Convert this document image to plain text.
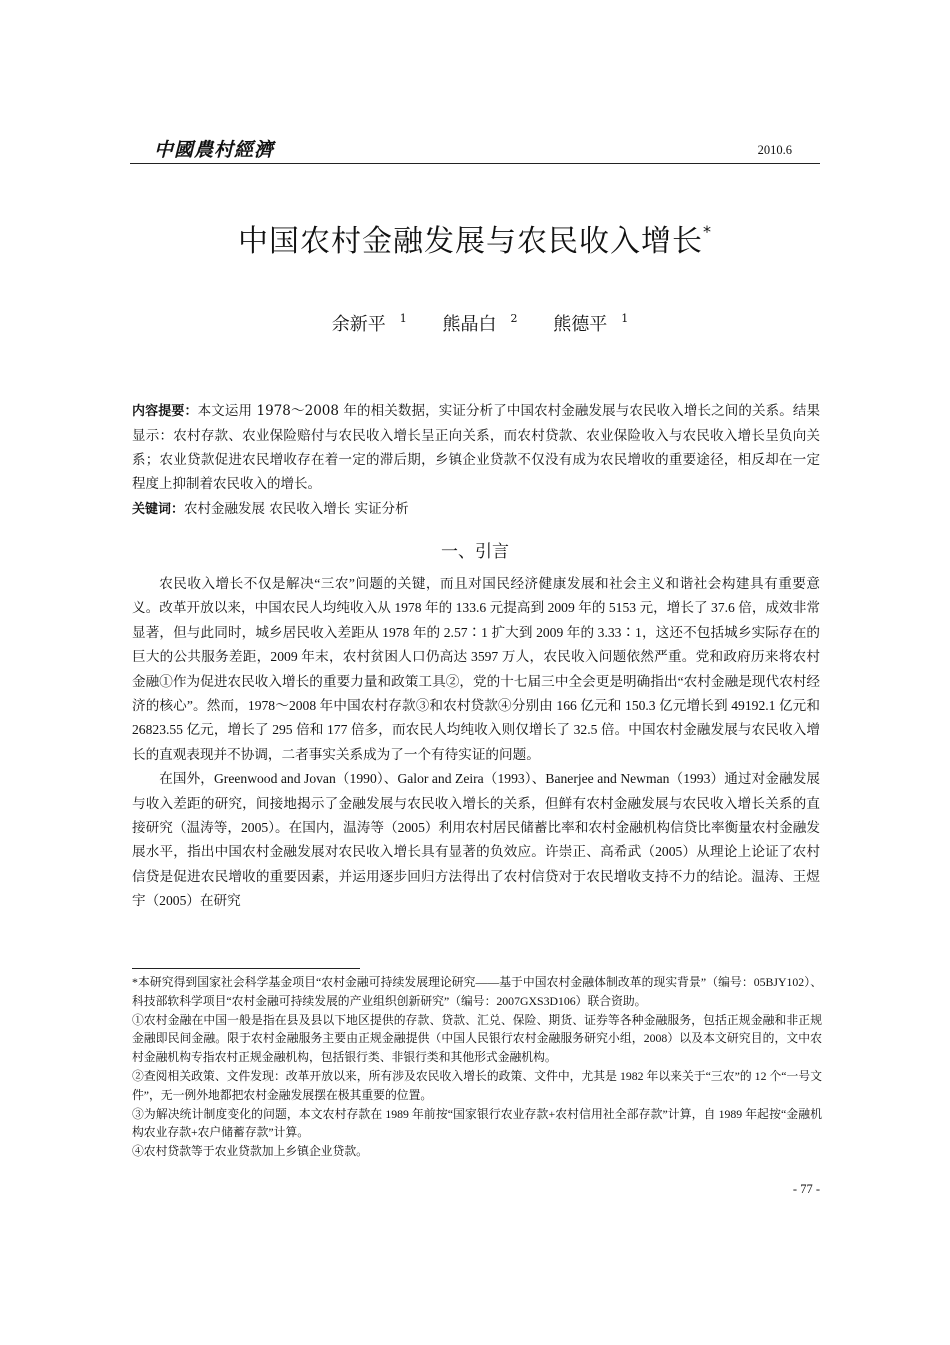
中國農村經濟	2010.6
中国农村金融发展与农民收入增长*
余新平 $^1$ 熊晶白 $^2$ 熊德平 $^1$
内容提要：本文运用 1978～2008 年的相关数据，实证分析了中国农村金融发展与农民收入增长之间的关系。结果显示：农村存款、农业保险赔付与农民收入增长呈正向关系，而农村贷款、农业保险收入与农民收入增长呈负向关系；农业贷款促进农民增收存在着一定的滞后期，乡镇企业贷款不仅没有成为农民增收的重要途径，相反却在一定程度上抑制着农民收入的增长。
关键词：农村金融发展 农民收入增长 实证分析
一、引言

农民收入增长不仅是解决“三农”问题的关键，而且对国民经济健康发展和社会主义和谐社会构建具有重要意义。改革开放以来，中国农民人均纯收入从 1978 年的 133.6 元提高到 2009 年的 5153 元，增长了 37.6 倍，成效非常显著，但与此同时，城乡居民收入差距从 1978 年的 2.57∶1 扩大到 2009 年的 3.33∶1，这还不包括城乡实际存在的巨大的公共服务差距，2009 年末，农村贫困人口仍高达 3597 万人，农民收入问题依然严重。党和政府历来将农村金融①作为促进农民收入增长的重要力量和政策工具②，党的十七届三中全会更是明确指出“农村金融是现代农村经济的核心”。然而，1978～2008 年中国农村存款③和农村贷款④分别由 166 亿元和 150.3 亿元增长到 49192.1 亿元和 26823.55 亿元，增长了 295 倍和 177 倍多，而农民人均纯收入则仅增长了 32.5 倍。中国农村金融发展与农民收入增长的直观表现并不协调，二者事实关系成为了一个有待实证的问题。

在国外，Greenwood and Jovan（1990）、Galor and Zeira（1993）、Banerjee and Newman（1993）通过对金融发展与收入差距的研究，间接地揭示了金融发展与农民收入增长的关系，但鲜有农村金融发展与农民收入增长关系的直接研究（温涛等，2005）。在国内，温涛等（2005）利用农村居民储蓄比率和农村金融机构信贷比率衡量农村金融发展水平，指出中国农村金融发展对农民收入增长具有显著的负效应。许崇正、高希武（2005）从理论上论证了农村信贷是促进农民增收的重要因素，并运用逐步回归方法得出了农村信贷对于农民增收支持不力的结论。温涛、王煜宇（2005）在研究

*本研究得到国家社会科学基金项目“农村金融可持续发展理论研究——基于中国农村金融体制改革的现实背景”（编号：05BJY102）、科技部软科学项目“农村金融可持续发展的产业组织创新研究”（编号：2007GXS3D106）联合资助。

①农村金融在中国一般是指在县及县以下地区提供的存款、贷款、汇兑、保险、期货、证券等各种金融服务，包括正规金融和非正规金融即民间金融。限于农村金融服务主要由正规金融提供（中国人民银行农村金融服务研究小组，2008）以及本文研究目的，文中农村金融机构专指农村正规金融机构，包括银行类、非银行类和其他形式金融机构。

②查阅相关政策、文件发现：改革开放以来，所有涉及农民收入增长的政策、文件中，尤其是 1982 年以来关于“三农”的 12 个“一号文件”，无一例外地都把农村金融发展摆在极其重要的位置。

③为解决统计制度变化的问题，本文农村存款在 1989 年前按“国家银行农业存款+农村信用社全部存款”计算，自 1989 年起按“金融机构农业存款+农户储蓄存款”计算。

④农村贷款等于农业贷款加上乡镇企业贷款。

- 77 -
